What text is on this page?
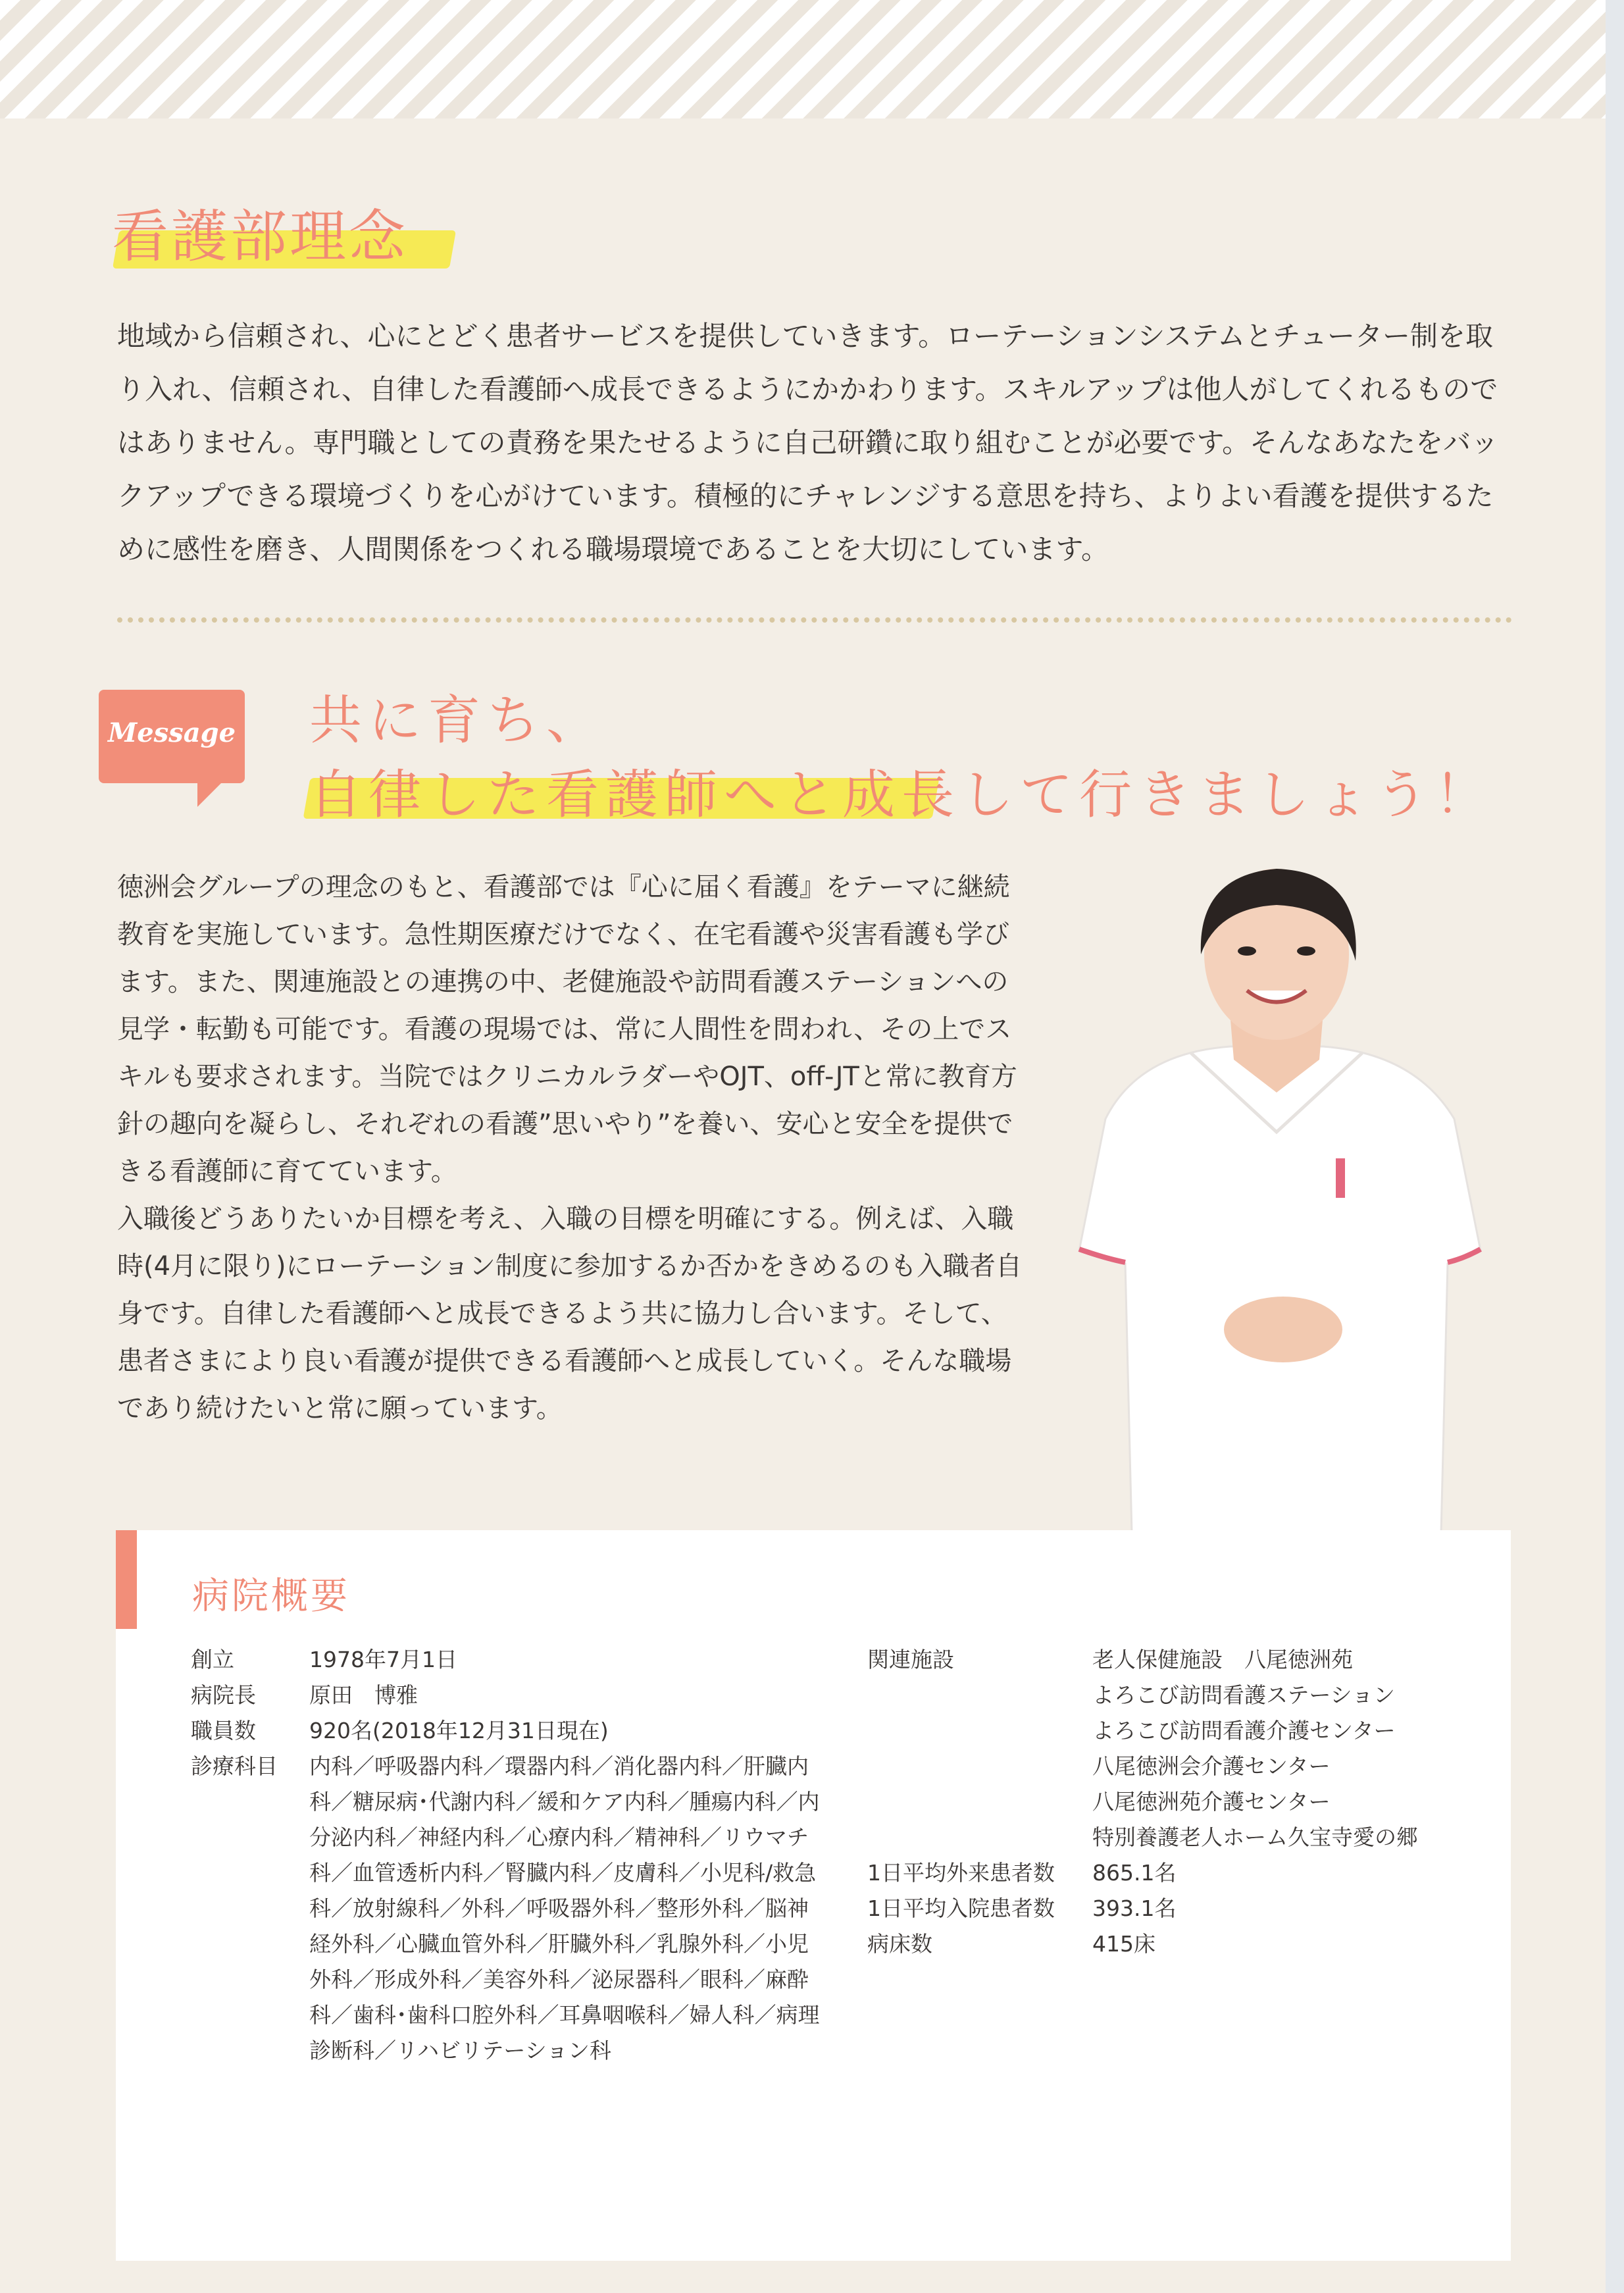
看護部理念

地域から信頼され、心にとどく患者サービスを提供していきます。ローテーションシステムとチューター制を取り入れ、信頼され、自律した看護師へ成長できるようにかかわります。スキルアップは他人がしてくれるものではありません。専門職としての責務を果たせるように自己研鑽に取り組むことが必要です。そんなあなたをバックアップできる環境づくりを心がけています。積極的にチャレンジする意思を持ち、よりよい看護を提供するために感性を磨き、人間関係をつくれる職場環境であることを大切にしています。

Message 共に育ち、
自律した看護師へと成長して行きましょう！
徳洲会グループの理念のもと、看護部では『心に届く看護』をテーマに継続教育を実施しています。急性期医療だけでなく、在宅看護や災害看護も学びます。また、関連施設との連携の中、老健施設や訪問看護ステーションへの見学・転勤も可能です。看護の現場では、常に人間性を問われ、その上でスキルも要求されます。当院ではクリニカルラダーやOJT、off-JTと常に教育方針の趣向を凝らし、それぞれの看護”思いやり”を養い、安心と安全を提供できる看護師に育てています。
入職後どうありたいか目標を考え、入職の目標を明確にする。例えば、入職時(4月に限り)にローテーション制度に参加するか否かをきめるのも入職者自身です。自律した看護師へと成長できるよう共に協力し合います。そして、患者さまにより良い看護が提供できる看護師へと成長していく。そんな職場であり続けたいと常に願っています。
病院概要
創立	1978年7月1日
病院長	原田　博雅
職員数	920名(2018年12月31日現在)
診療科目	内科／呼吸器内科／環器内科／消化器内科／肝臓内科／糖尿病･代謝内科／緩和ケア内科／腫瘍内科／内分泌内科／神経内科／心療内科／精神科／リウマチ科／血管透析内科／腎臓内科／皮膚科／小児科/救急科／放射線科／外科／呼吸器外科／整形外科／脳神経外科／心臓血管外科／肝臓外科／乳腺外科／小児外科／形成外科／美容外科／泌尿器科／眼科／麻酔科／歯科･歯科口腔外科／耳鼻咽喉科／婦人科／病理診断科／リハビリテーション科
関連施設	老人保健施設　八尾徳洲苑
よろこび訪問看護ステーション
よろこび訪問看護介護センター
八尾徳洲会介護センター
八尾徳洲苑介護センター
特別養護老人ホーム久宝寺愛の郷
1日平均外来患者数	865.1名
1日平均入院患者数	393.1名
病床数	415床
